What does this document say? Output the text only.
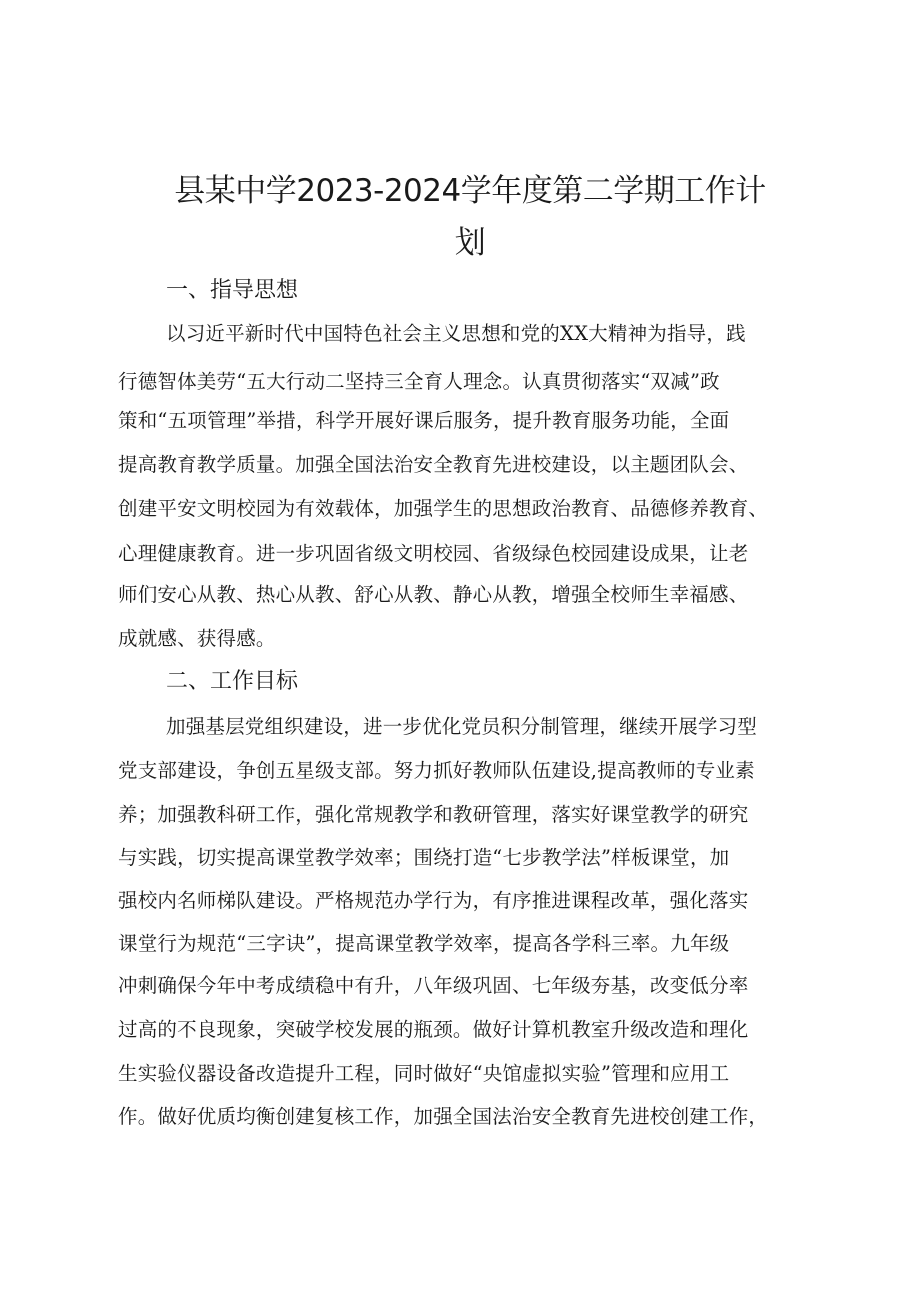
县某中学2023-2024学年度第二学期工作计
划
一、指导思想

以习近平新时代中国特色社会主义思想和党的XX大精神为指导，践

行德智体美劳“五大行动二坚持三全育人理念。认真贯彻落实“双减”政

策和“五项管理”举措，科学开展好课后服务，提升教育服务功能，全面

提高教育教学质量。加强全国法治安全教育先进校建设，以主题团队会、

创建平安文明校园为有效载体，加强学生的思想政治教育、品德修养教育、

心理健康教育。进一步巩固省级文明校园、省级绿色校园建设成果，让老

师们安心从教、热心从教、舒心从教、静心从教，增强全校师生幸福感、

成就感、获得感。

二、工作目标

加强基层党组织建设，进一步优化党员积分制管理，继续开展学习型

党支部建设，争创五星级支部。努力抓好教师队伍建设,提高教师的专业素

养；加强教科研工作，强化常规教学和教研管理，落实好课堂教学的研究

与实践，切实提高课堂教学效率；围绕打造“七步教学法”样板课堂，加

强校内名师梯队建设。严格规范办学行为，有序推进课程改革，强化落实

课堂行为规范“三字诀”，提高课堂教学效率，提高各学科三率。九年级

冲刺确保今年中考成绩稳中有升，八年级巩固、七年级夯基，改变低分率

过高的不良现象，突破学校发展的瓶颈。做好计算机教室升级改造和理化

生实验仪器设备改造提升工程，同时做好“央馆虚拟实验”管理和应用工

作。做好优质均衡创建复核工作，加强全国法治安全教育先进校创建工作，
